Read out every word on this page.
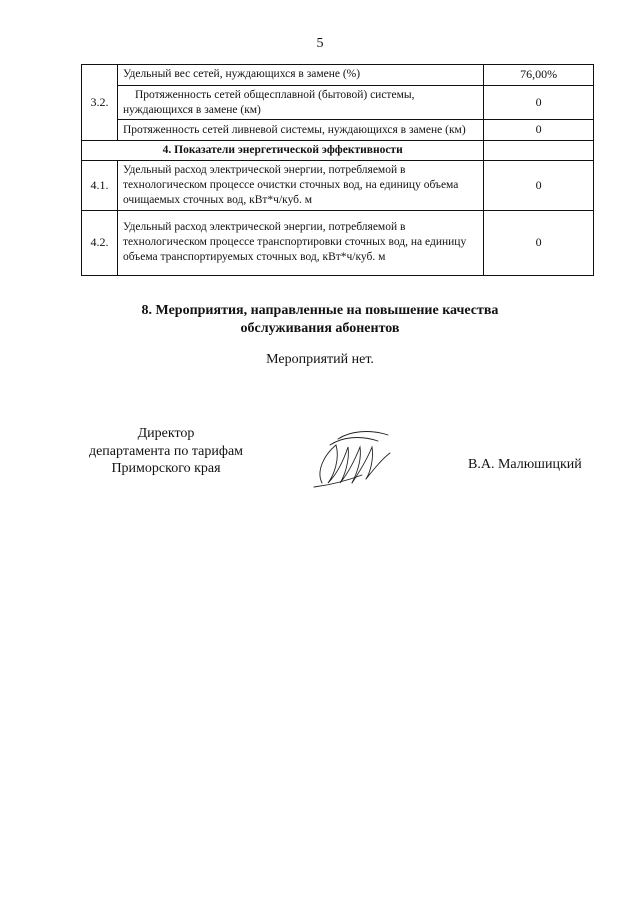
5
3.2.	Удельный вес сетей, нуждающихся в замене (%)	76,00%
	Протяженность сетей общесплавной (бытовой) системы, нуждающихся в замене (км)	0
	Протяженность сетей ливневой системы, нуждающихся в замене (км)	0
4. Показатели энергетической эффективности		
4.1.	Удельный расход электрической энергии, потребляемой в технологическом процессе очистки сточных вод, на единицу объема очищаемых сточных вод, кВт*ч/куб. м	0
4.2.	Удельный расход электрической энергии, потребляемой в технологическом процессе транспортировки сточных вод, на единицу объема транспортируемых сточных вод, кВт*ч/куб. м	0
8. Мероприятия, направленные на повышение качества
обслуживания абонентов
Мероприятий нет.
Директор
департамента по тарифам
Приморского края	В.А. Малюшицкий
